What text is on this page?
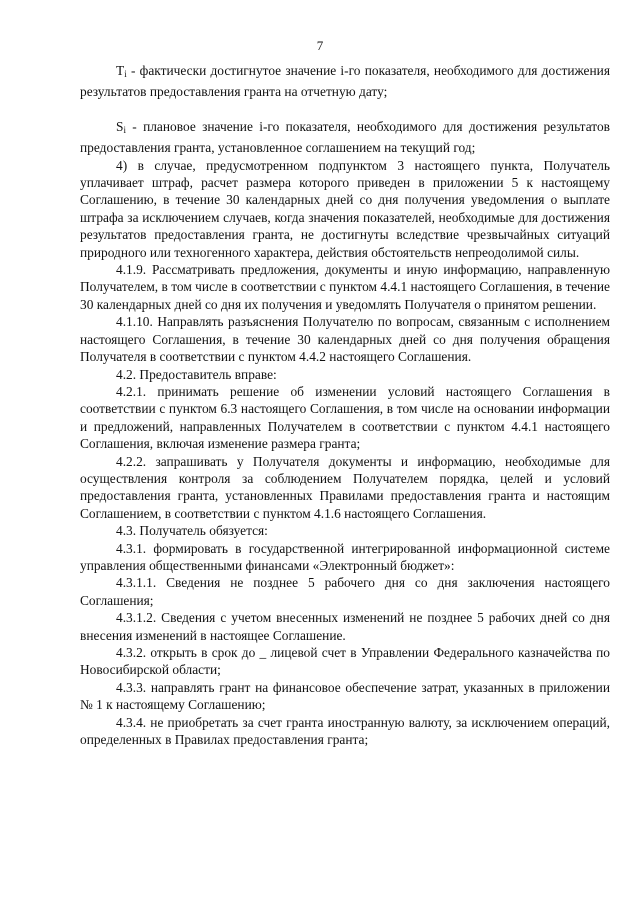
7

$T_i$ - фактически достигнутое значение i-го показателя, необходимого для достижения результатов предоставления гранта на отчетную дату;

$S_i$ - плановое значение i-го показателя, необходимого для достижения результатов предоставления гранта, установленное соглашением на текущий год;

4) в случае, предусмотренном подпунктом 3 настоящего пункта, Получатель уплачивает штраф, расчет размера которого приведен в приложении 5 к настоящему Соглашению, в течение 30 календарных дней со дня получения уведомления о выплате штрафа за исключением случаев, когда значения показателей, необходимые для достижения результатов предоставления гранта, не достигнуты вследствие чрезвычайных ситуаций природного или техногенного характера, действия обстоятельств непреодолимой силы.

4.1.9. Рассматривать предложения, документы и иную информацию, направленную Получателем, в том числе в соответствии с пунктом 4.4.1 настоящего Соглашения, в течение 30 календарных дней со дня их получения и уведомлять Получателя о принятом решении.

4.1.10. Направлять разъяснения Получателю по вопросам, связанным с исполнением настоящего Соглашения, в течение 30 календарных дней со дня получения обращения Получателя в соответствии с пунктом 4.4.2 настоящего Соглашения.

4.2. Предоставитель вправе:

4.2.1. принимать решение об изменении условий настоящего Соглашения в соответствии с пунктом 6.3 настоящего Соглашения, в том числе на основании информации и предложений, направленных Получателем в соответствии с пунктом 4.4.1 настоящего Соглашения, включая изменение размера гранта;

4.2.2. запрашивать у Получателя документы и информацию, необходимые для осуществления контроля за соблюдением Получателем порядка, целей и условий предоставления гранта, установленных Правилами предоставления гранта и настоящим Соглашением, в соответствии с пунктом 4.1.6 настоящего Соглашения.

4.3. Получатель обязуется:

4.3.1. формировать в государственной интегрированной информационной системе управления общественными финансами «Электронный бюджет»:

4.3.1.1. Сведения не позднее 5 рабочего дня со дня заключения настоящего Соглашения;

4.3.1.2. Сведения с учетом внесенных изменений не позднее 5 рабочих дней со дня внесения изменений в настоящее Соглашение.

4.3.2. открыть в срок до _ лицевой счет в Управлении Федерального казначейства по Новосибирской области;

4.3.3. направлять грант на финансовое обеспечение затрат, указанных в приложении № 1 к настоящему Соглашению;

4.3.4. не приобретать за счет гранта иностранную валюту, за исключением операций, определенных в Правилах предоставления гранта;
